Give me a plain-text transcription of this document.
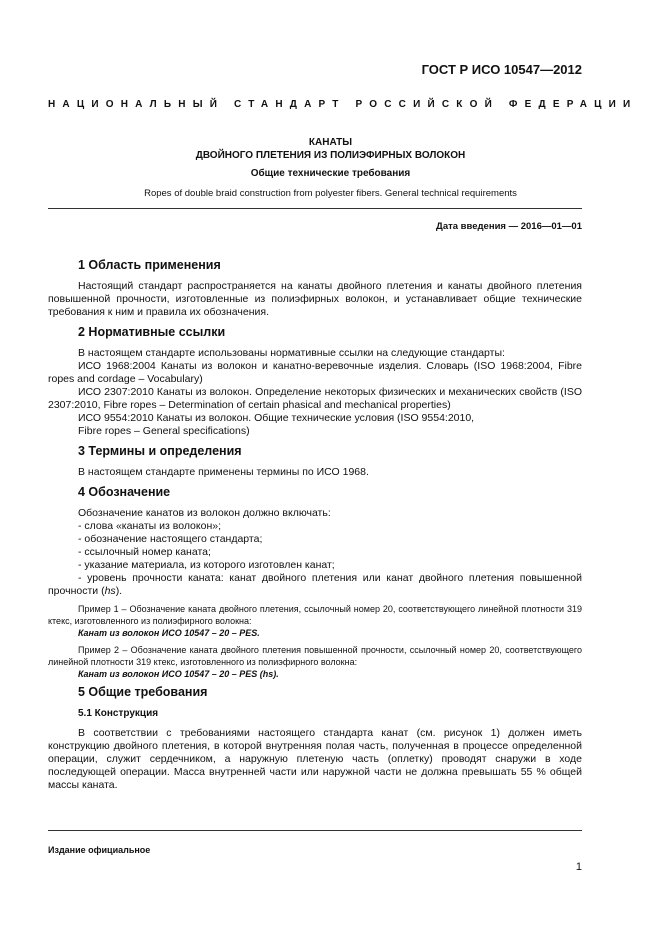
ГОСТ Р ИСО 10547—2012
НАЦИОНАЛЬНЫЙ СТАНДАРТ РОССИЙСКОЙ ФЕДЕРАЦИИ
КАНАТЫ
ДВОЙНОГО ПЛЕТЕНИЯ ИЗ ПОЛИЭФИРНЫХ ВОЛОКОН
Общие технические требования
Ropes of double braid construction from polyester fibers. General technical requirements
Дата введения — 2016—01—01
1 Область применения
Настоящий стандарт распространяется на канаты двойного плетения и канаты двойного плетения повышенной прочности, изготовленные из полиэфирных волокон, и устанавливает общие технические требования к ним и правила их обозначения.
2 Нормативные ссылки
В настоящем стандарте использованы нормативные ссылки на следующие стандарты:
ИСО 1968:2004 Канаты из волокон и канатно-веревочные изделия. Словарь (ISO 1968:2004, Fibre ropes and cordage – Vocabulary)
ИСО 2307:2010 Канаты из волокон. Определение некоторых физических и механических свойств (ISO 2307:2010, Fibre ropes – Determination of certain phasical and mechanical properties)
ИСО 9554:2010 Канаты из волокон. Общие технические условия (ISO 9554:2010,
Fibre ropes – General specifications)
3 Термины и определения
В настоящем стандарте применены термины по ИСО 1968.
4 Обозначение
Обозначение канатов из волокон должно включать:
- слова «канаты из волокон»;
- обозначение настоящего стандарта;
- ссылочный номер каната;
- указание материала, из которого изготовлен канат;
- уровень прочности каната: канат двойного плетения или канат двойного плетения повышенной прочности (hs).
Пример 1 – Обозначение каната двойного плетения, ссылочный номер 20, соответствующего линейной плотности 319 ктекс, изготовленного из полиэфирного волокна:
Канат из волокон ИСО 10547 – 20 – PES.
Пример 2 – Обозначение каната двойного плетения повышенной прочности, ссылочный номер 20, соответствующего линейной плотности 319 ктекс, изготовленного из полиэфирного волокна:
Канат из волокон ИСО 10547 – 20 – PES (hs).
5 Общие требования
5.1 Конструкция
В соответствии с требованиями настоящего стандарта канат (см. рисунок 1) должен иметь конструкцию двойного плетения, в которой внутренняя полая часть, полученная в процессе определенной операции, служит сердечником, а наружную плетеную часть (оплетку) проводят снаружи в ходе последующей операции. Масса внутренней части или наружной части не должна превышать 55 % общей массы каната.
Издание официальное
1
